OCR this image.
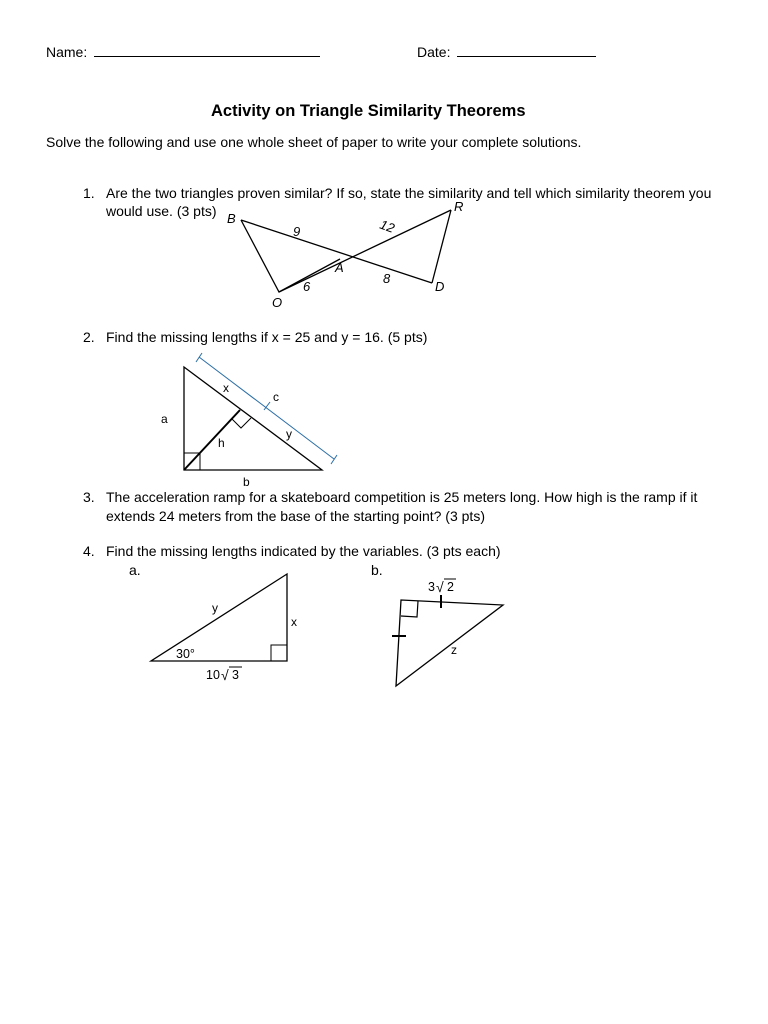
Name:	Date:
Activity on Triangle Similarity Theorems
Solve the following and use one whole sheet of paper to write your complete solutions.
1. Are the two triangles proven similar? If so, state the similarity and tell which similarity theorem you
would use. (3 pts) B
R
A
O
D
9	12
6
8
2. Find the missing lengths if x = 25 and y = 16. (5 pts)
x
c
a
h
y
b
3. The acceleration ramp for a skateboard competition is 25 meters long. How high is the ramp if it
extends 24 meters from the base of the starting point? (3 pts)
4. Find the missing lengths indicated by the variables. (3 pts each)
a.	b.
y
x
30°
10 √ 3
3 √ 2
z
